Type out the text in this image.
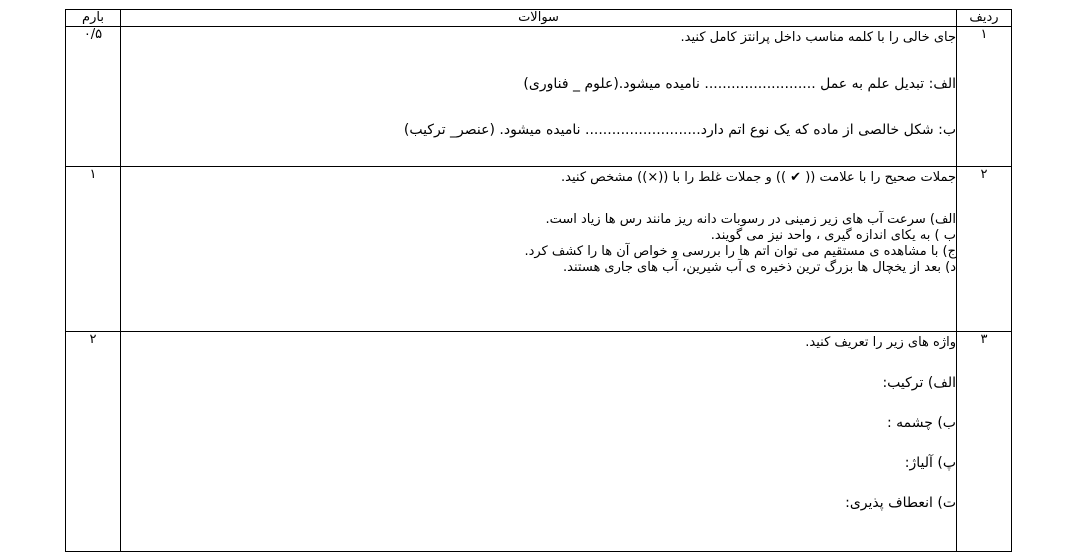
ردیف	سوالات	بارم
۱	جای خالی را با کلمه مناسب داخل پرانتز کامل کنید.
الف: تبدیل علم به عمل ......................... نامیده میشود.(علوم _ فناوری)
ب: شکل خالصی از ماده که یک نوع اتم دارد.......................... نامیده میشود. (عنصر_ ترکیب)	۰/۵
۲	جملات صحیح را با علامت (( ✔ )) و جملات غلط را با ((×)) مشخص کنید.
الف) سرعت آب های زیر زمینی در رسوبات دانه ریز مانند رس ها زیاد است.
ب ) به یکای اندازه گیری ، واحد نیز می گویند.
ج) با مشاهده ی مستقیم می توان اتم ها را بررسی و خواص آن ها را کشف کرد.
د) بعد از یخچال ها بزرگ ترین ذخیره ی آب شیرین، آب های جاری هستند.	۱
۳	واژه های زیر را تعریف کنید.
الف) ترکیب:
ب) چشمه :
پ) آلیاژ:
ت) انعطاف پذیری:	۲
